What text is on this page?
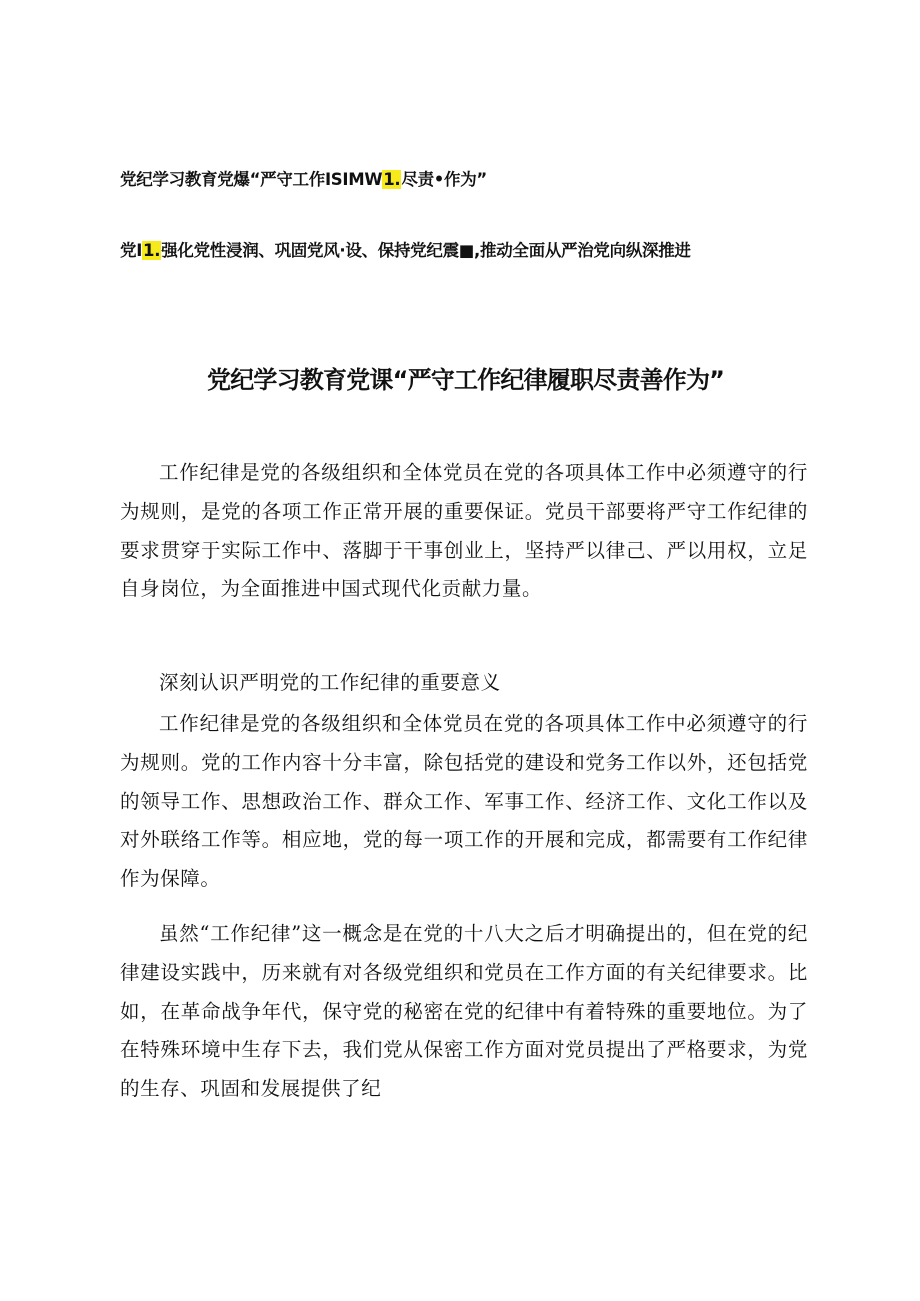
党纪学习教育党爆“严守工作ISIMW1.尽责•作为”
党I1.强化党性浸润、巩固党风·设、保持党纪震■,推动全面从严治党向纵深推进
党纪学习教育党课“严守工作纪律履职尽责善作为”

工作纪律是党的各级组织和全体党员在党的各项具体工作中必须遵守的行为规则，是党的各项工作正常开展的重要保证。党员干部要将严守工作纪律的要求贯穿于实际工作中、落脚于干事创业上，坚持严以律己、严以用权，立足自身岗位，为全面推进中国式现代化贡献力量。

深刻认识严明党的工作纪律的重要意义

工作纪律是党的各级组织和全体党员在党的各项具体工作中必须遵守的行为规则。党的工作内容十分丰富，除包括党的建设和党务工作以外，还包括党的领导工作、思想政治工作、群众工作、军事工作、经济工作、文化工作以及对外联络工作等。相应地，党的每一项工作的开展和完成，都需要有工作纪律作为保障。

虽然“工作纪律”这一概念是在党的十八大之后才明确提出的，但在党的纪律建设实践中，历来就有对各级党组织和党员在工作方面的有关纪律要求。比如，在革命战争年代，保守党的秘密在党的纪律中有着特殊的重要地位。为了在特殊环境中生存下去，我们党从保密工作方面对党员提出了严格要求，为党的生存、巩固和发展提供了纪
